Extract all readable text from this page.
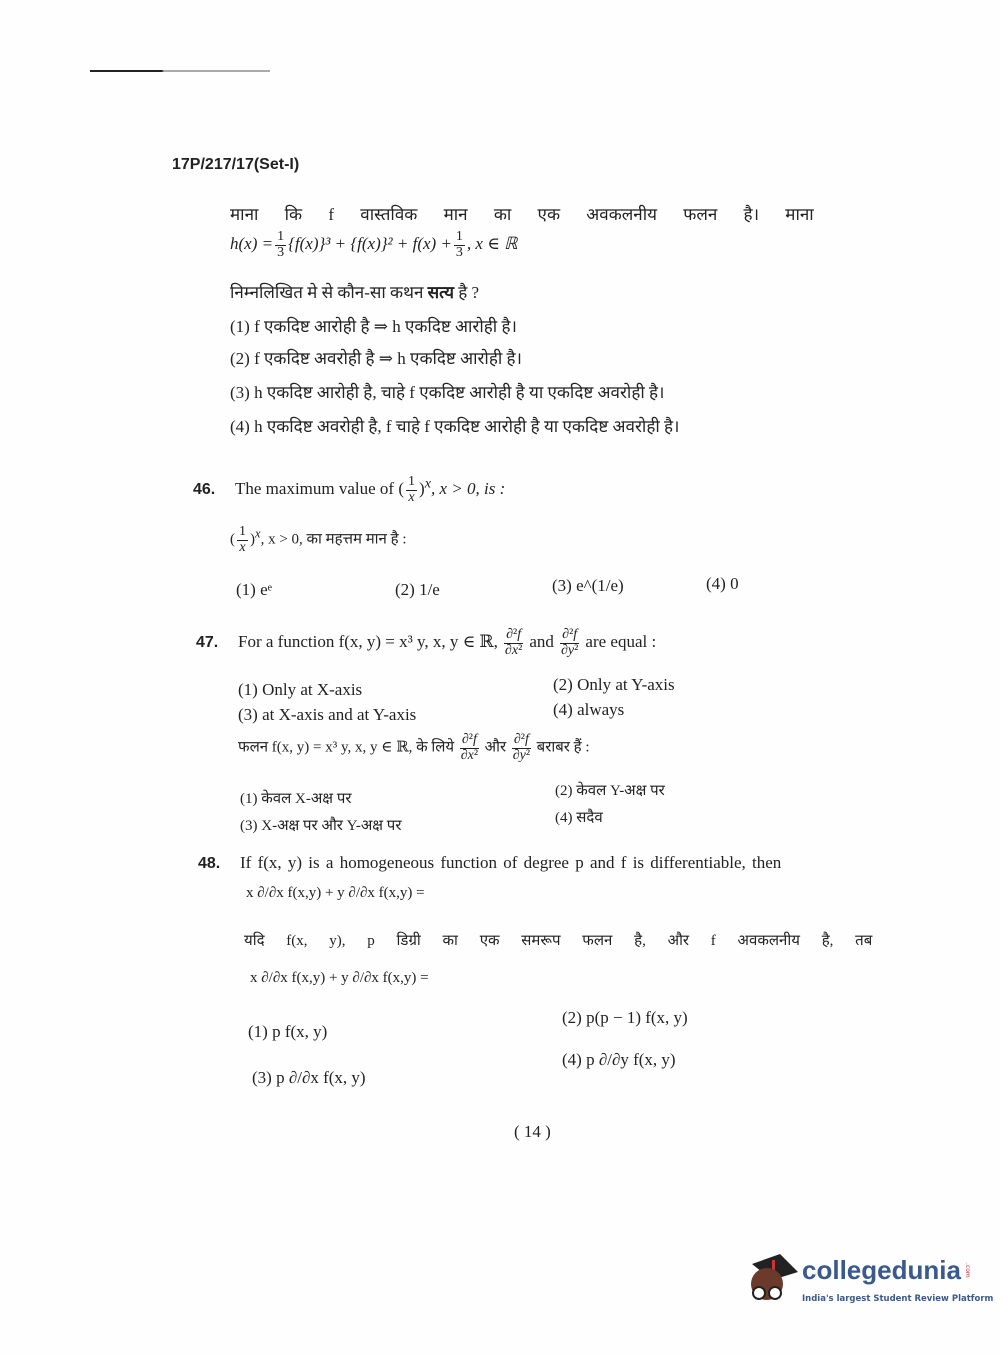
17P/217/17(Set-I)
माना कि f वास्तविक मान का एक अवकलनीय फलन है। माना
$h(x) = \frac{1}{3} \{f(x)\}^3 + \{f(x)\}^2 + f(x) + \frac{1}{3}$ , x ∈ ℝ
निम्नलिखित मे से कौन-सा कथन सत्य है ?
(1) f एकदिष्ट आरोही है ⇒ h एकदिष्ट आरोही है।
(2) f एकदिष्ट अवरोही है ⇒ h एकदिष्ट आरोही है।
(3) h एकदिष्ट आरोही है, चाहे f एकदिष्ट आरोही है या एकदिष्ट अवरोही है।
(4) h एकदिष्ट अवरोही है, f चाहे f एकदिष्ट आरोही है या एकदिष्ट अवरोही है।
46. The maximum value of ( $\frac{1}{x} )^x$, x > 0, is :
( $\frac{1}{x} )^x$, x > 0, का महत्तम मान है :
(1) eᵉ	(2) 1/e	(3) e^(1/e)	(4) 0
47. For a function f(x, y) = x³ y, x, y ∈ ℝ, $\frac{\text{∂²f}}{\text{∂x²}}$ and $\frac{\text{∂²f}}{\text{∂y²}}$ are equal :
(1) Only at X-axis	(2) Only at Y-axis
(3) at X-axis and at Y-axis	(4) always
फलन f(x, y) = x³ y, x, y ∈ ℝ, के लिये $\frac{\text{∂²f}}{\text{∂x²}}$ और $\frac{\text{∂²f}}{\text{∂y²}}$ बराबर हैं :
(1) केवल X-अक्ष पर	(2) केवल Y-अक्ष पर
(3) X-अक्ष पर और Y-अक्ष पर	(4) सदैव
48. If f(x, y) is a homogeneous function of degree p and f is differentiable, then
x ∂/∂x f(x,y) + y ∂/∂x f(x,y) =
यदि f(x, y), p डिग्री का एक समरूप फलन है, और f अवकलनीय है, तब
x ∂/∂x f(x,y) + y ∂/∂x f(x,y) =
(1) p f(x, y)
(2) p(p − 1) f(x, y)
(3) p ∂/∂x f(x, y)
(4) p ∂/∂y f(x, y)
( 14 )
collegedunia .com
India's largest Student Review Platform
